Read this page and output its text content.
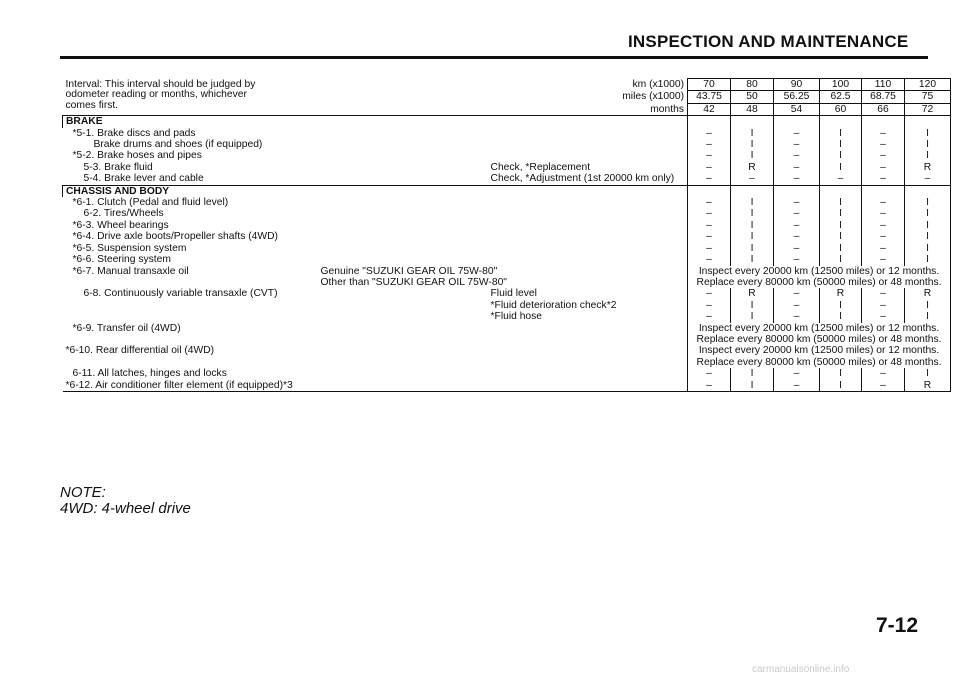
INSPECTION AND MAINTENANCE
Interval: This interval should be judged by odometer reading or months, whichever comes first.	km (x1000)	70	80	90	100	110	120
	miles (x1000)	43.75	50	56.25	62.5	68.75	75
	months	42	48	54	60	66	72
BRAKE							
*5-1. Brake discs and pads		–	I	–	I	–	I
Brake drums and shoes (if equipped)		–	I	–	I	–	I
*5-2. Brake hoses and pipes		–	I	–	I	–	I
5-3. Brake fluid	Check, *Replacement	–	R	–	I	–	R
5-4. Brake lever and cable	Check, *Adjustment (1st 20000 km only)	–	–	–	–	–	–
CHASSIS AND BODY							
*6-1. Clutch (Pedal and fluid level)		–	I	–	I	–	I
6-2. Tires/Wheels		–	I	–	I	–	I
*6-3. Wheel bearings		–	I	–	I	–	I
*6-4. Drive axle boots/Propeller shafts (4WD)		–	I	–	I	–	I
*6-5. Suspension system		–	I	–	I	–	I
*6-6. Steering system		–	I	–	I	–	I
*6-7. Manual transaxle oil	Genuine "SUZUKI GEAR OIL 75W-80"	Inspect every 20000 km (12500 miles) or 12 months.					
	Other than "SUZUKI GEAR OIL 75W-80"	Replace every 80000 km (50000 miles) or 48 months.					
6-8. Continuously variable transaxle (CVT)	Fluid level	–	R	–	R	–	R
	*Fluid deterioration check*2	–	I	–	I	–	I
	*Fluid hose	–	I	–	I	–	I
*6-9. Transfer oil (4WD)		Inspect every 20000 km (12500 miles) or 12 months.					
		Replace every 80000 km (50000 miles) or 48 months.					
*6-10. Rear differential oil (4WD)		Inspect every 20000 km (12500 miles) or 12 months.					
		Replace every 80000 km (50000 miles) or 48 months.					
6-11. All latches, hinges and locks		–	I	–	I	–	I
*6-12. Air conditioner filter element (if equipped)*3		–	I	–	I	–	R
NOTE:
4WD: 4-wheel drive
7-12
carmanualsonline.info
